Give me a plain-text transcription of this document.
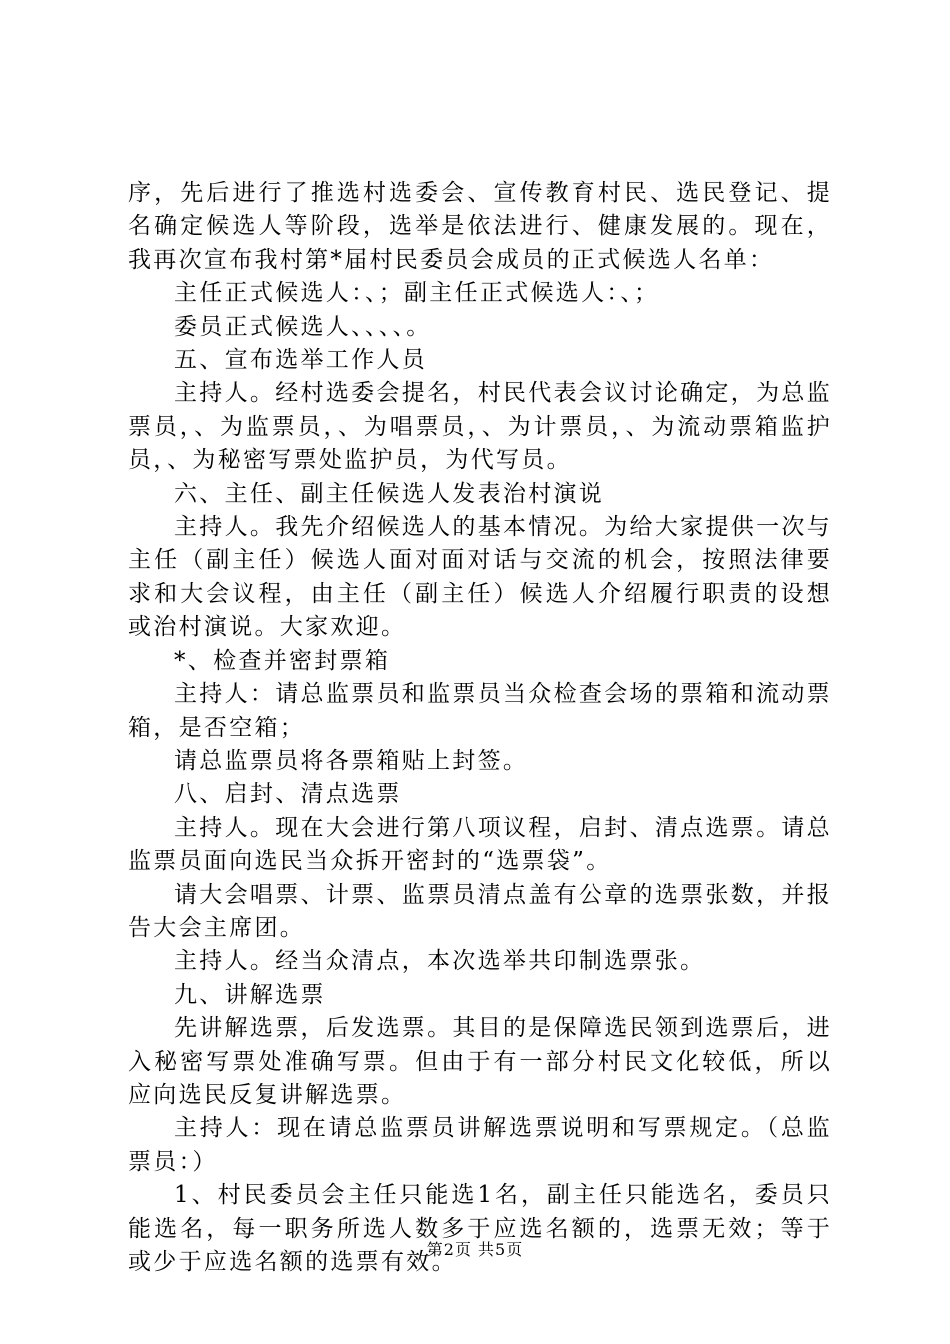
序，先后进行了推选村选委会、宣传教育村民、选民登记、提名确定候选人等阶段，选举是依法进行、健康发展的。现在，我再次宣布我村第*届村民委员会成员的正式候选人名单：

主任正式候选人：、；副主任正式候选人：、；

委员正式候选人、、、、。

五、宣布选举工作人员

主持人。经村选委会提名，村民代表会议讨论确定，为总监票员，、为监票员，、为唱票员，、为计票员，、为流动票箱监护员，、为秘密写票处监护员，为代写员。

六、主任、副主任候选人发表治村演说

主持人。我先介绍候选人的基本情况。为给大家提供一次与主任（副主任）候选人面对面对话与交流的机会，按照法律要求和大会议程，由主任（副主任）候选人介绍履行职责的设想或治村演说。大家欢迎。

*、检查并密封票箱

主持人：请总监票员和监票员当众检查会场的票箱和流动票箱，是否空箱；

请总监票员将各票箱贴上封签。

八、启封、清点选票

主持人。现在大会进行第八项议程，启封、清点选票。请总监票员面向选民当众拆开密封的“选票袋”。

请大会唱票、计票、监票员清点盖有公章的选票张数，并报告大会主席团。

主持人。经当众清点，本次选举共印制选票张。

九、讲解选票

先讲解选票，后发选票。其目的是保障选民领到选票后，进入秘密写票处准确写票。但由于有一部分村民文化较低，所以应向选民反复讲解选票。

主持人：现在请总监票员讲解选票说明和写票规定。（总监票员：）

1、村民委员会主任只能选1名，副主任只能选名，委员只能选名，每一职务所选人数多于应选名额的，选票无效；等于或少于应选名额的选票有效。

第2页 共5页
